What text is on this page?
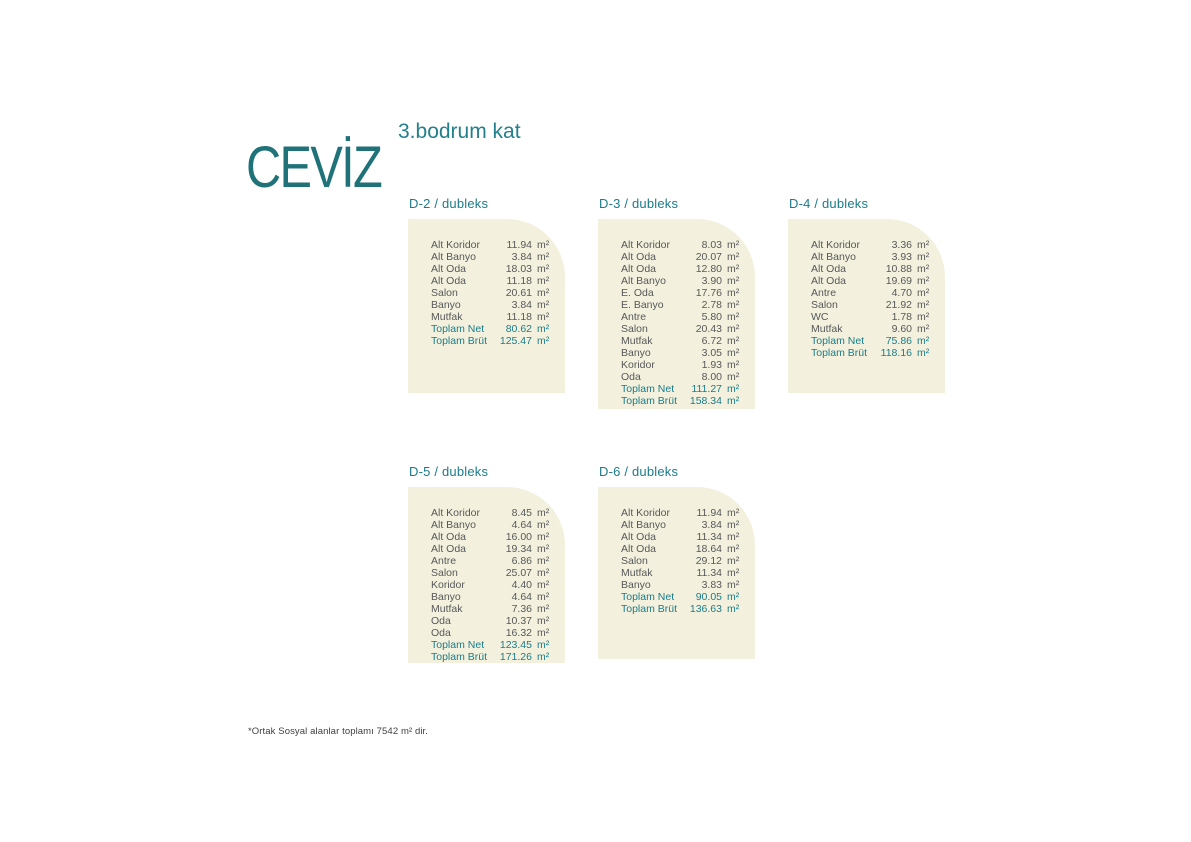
CEVİZ
3.bodrum kat
D-2 / dubleks
Alt Koridor	11.94 m²
Alt Banyo	3.84 m²
Alt Oda	18.03 m²
Alt Oda	11.18 m²
Salon	20.61 m²
Banyo	3.84 m²
Mutfak	11.18 m²
Toplam Net	80.62 m²
Toplam Brüt	125.47 m²
D-3 / dubleks
Alt Koridor	8.03 m²
Alt Oda	20.07 m²
Alt Oda	12.80 m²
Alt Banyo	3.90 m²
E. Oda	17.76 m²
E. Banyo	2.78 m²
Antre	5.80 m²
Salon	20.43 m²
Mutfak	6.72 m²
Banyo	3.05 m²
Koridor	1.93 m²
Oda	8.00 m²
Toplam Net	111.27 m²
Toplam Brüt	158.34 m²
D-4 / dubleks
Alt Koridor	3.36 m²
Alt Banyo	3.93 m²
Alt Oda	10.88 m²
Alt Oda	19.69 m²
Antre	4.70 m²
Salon	21.92 m²
WC	1.78 m²
Mutfak	9.60 m²
Toplam Net	75.86 m²
Toplam Brüt	118.16 m²
D-5 / dubleks
Alt Koridor	8.45 m²
Alt Banyo	4.64 m²
Alt Oda	16.00 m²
Alt Oda	19.34 m²
Antre	6.86 m²
Salon	25.07 m²
Koridor	4.40 m²
Banyo	4.64 m²
Mutfak	7.36 m²
Oda	10.37 m²
Oda	16.32 m²
Toplam Net	123.45 m²
Toplam Brüt	171.26 m²
D-6 / dubleks
Alt Koridor	11.94 m²
Alt Banyo	3.84 m²
Alt Oda	11.34 m²
Alt Oda	18.64 m²
Salon	29.12 m²
Mutfak	11.34 m²
Banyo	3.83 m²
Toplam Net	90.05 m²
Toplam Brüt	136.63 m²
*Ortak Sosyal alanlar toplamı 7542 m² dir.
